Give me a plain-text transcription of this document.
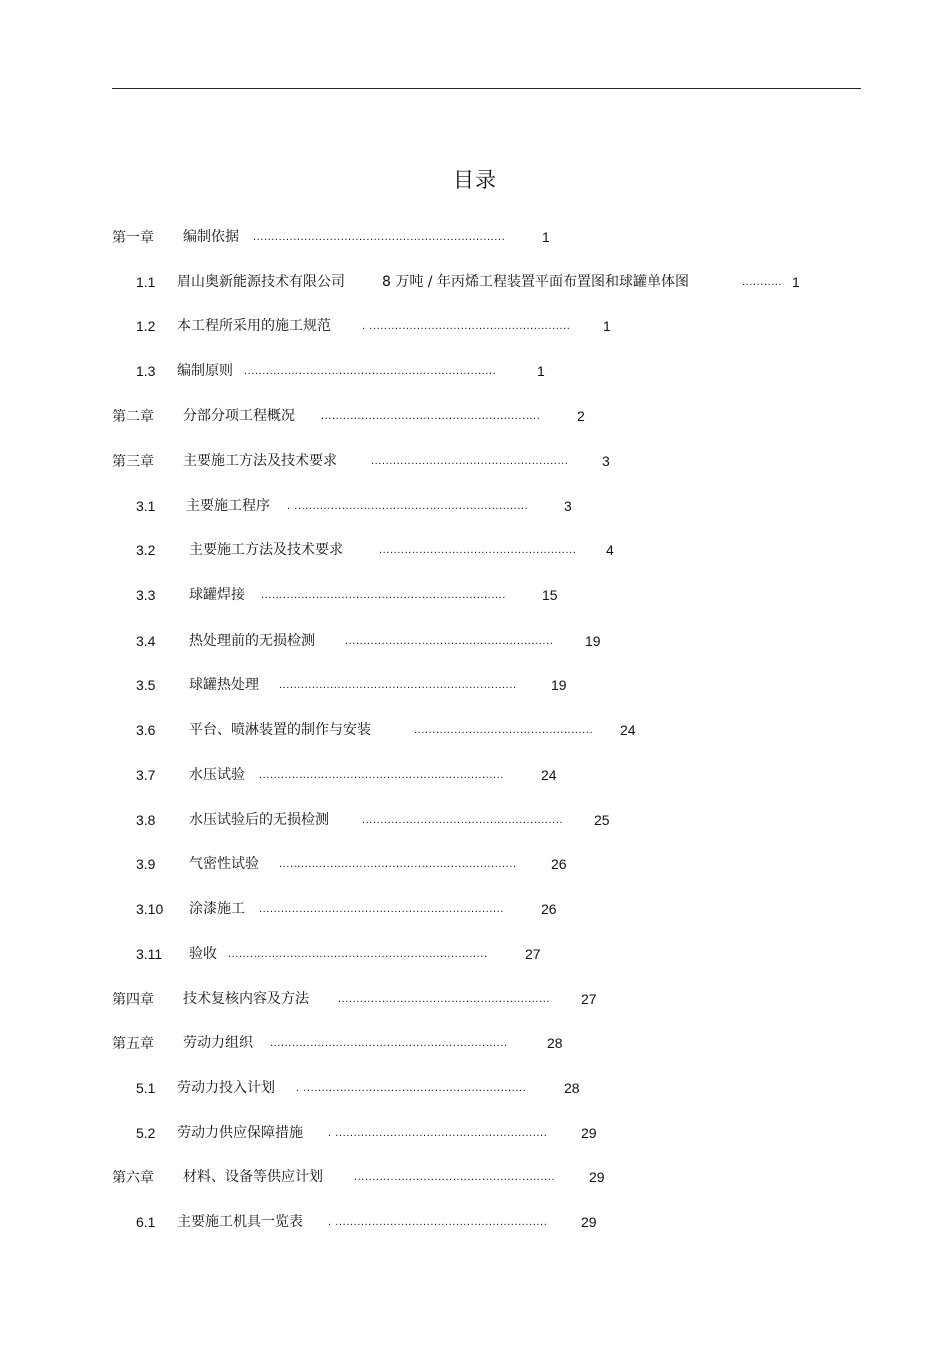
目录
第一章 编制依据 .....................................................................	1
1.1 眉山奥新能源技术有限公司	8 万吨 / 年丙烯工程装置平面布置图和球罐单体图	........... 1
1.2 本工程所采用的施工规范	. .......................................................	1
1.3 编制原则 .....................................................................	1
第二章 分部分项工程概况 ............................................................	2
第三章 主要施工方法及技术要求	......................................................	3
3.1 主要施工程序 . ................................................................	3
3.2 主要施工方法及技术要求	......................................................	4
3.3 球罐焊接 ...................................................................	15
3.4 热处理前的无损检测	.........................................................	19
3.5 球罐热处理 .................................................................	19
3.6 平台、喷淋装置的制作与安装	.................................................	24
3.7 水压试验 ...................................................................	24
3.8 水压试验后的无损检测	.......................................................	25
3.9 气密性试验 .................................................................	26
3.10 涂漆施工 ...................................................................	26
3.11 验收 .......................................................................	27
第四章 技术复核内容及方法	..........................................................	27
第五章 劳动力组织 .................................................................	28
5.1 劳动力投入计划 . .............................................................	28
5.2 劳动力供应保障措施 . ..........................................................	29
第六章 材料、设备等供应计划	.......................................................	29
6.1 主要施工机具一览表 . ..........................................................	29
